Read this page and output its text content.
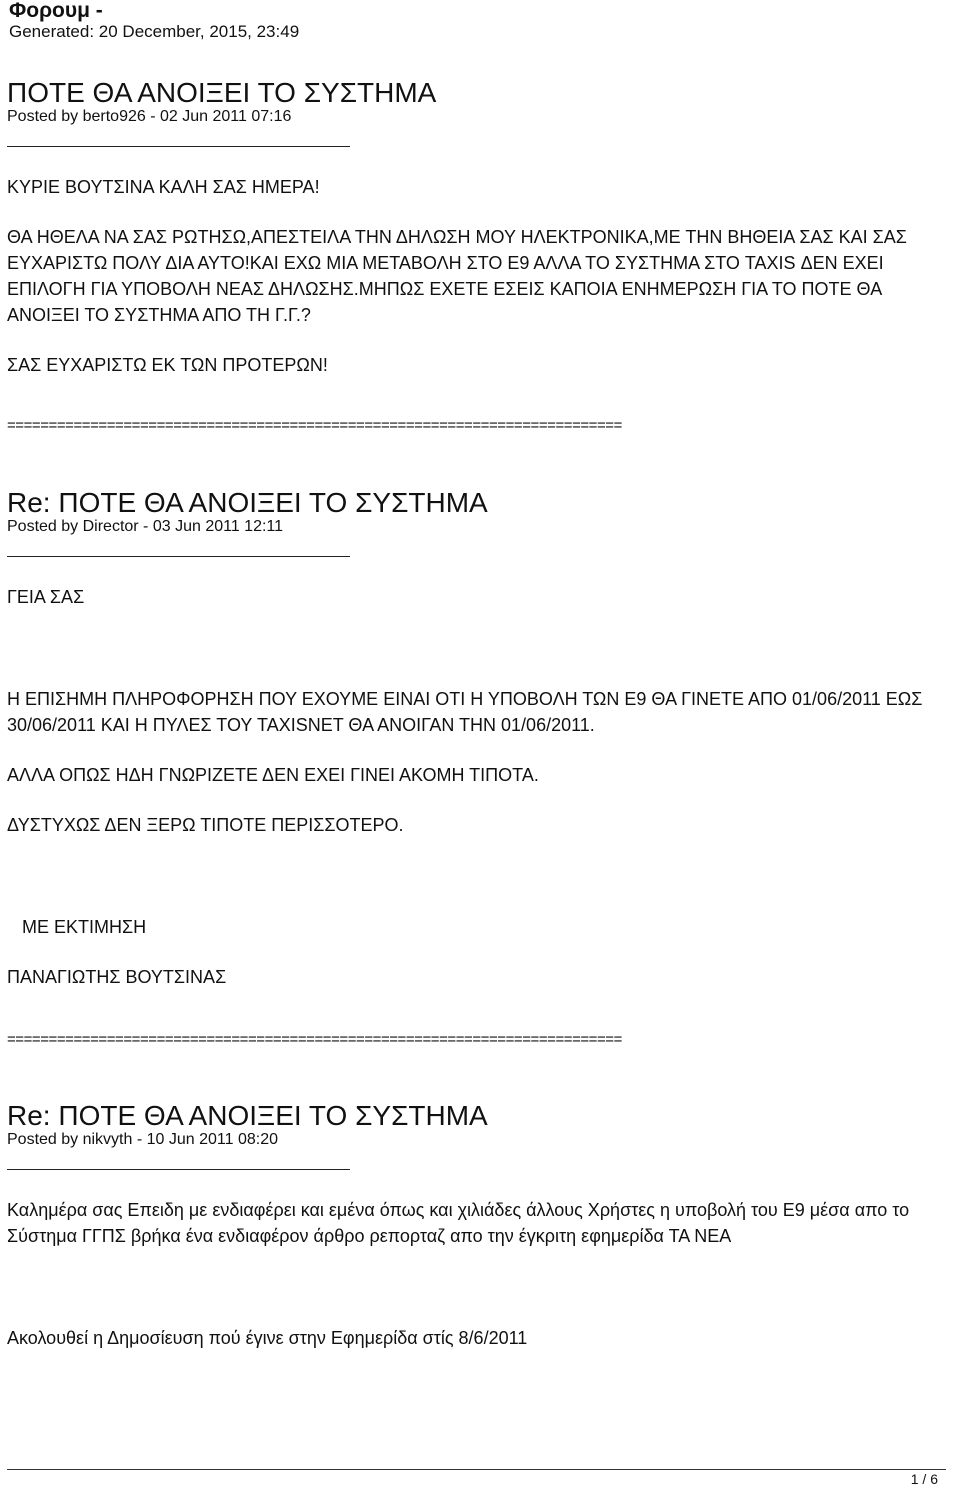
Φορουμ -
Generated: 20 December, 2015, 23:49
ΠΟΤΕ ΘΑ ΑΝΟΙΞΕΙ ΤΟ ΣΥΣΤΗΜΑ
Posted by berto926 - 02 Jun 2011 07:16

ΚΥΡΙΕ ΒΟΥΤΣΙΝΑ ΚΑΛΗ ΣΑΣ ΗΜΕΡΑ!

ΘΑ ΗΘΕΛΑ ΝΑ ΣΑΣ ΡΩΤΗΣΩ,ΑΠΕΣΤΕΙΛΑ ΤΗΝ ΔΗΛΩΣΗ ΜΟΥ ΗΛΕΚΤΡΟΝΙΚΑ,ΜΕ ΤΗΝ ΒΗΘΕΙΑ ΣΑΣ ΚΑΙ ΣΑΣ ΕΥΧΑΡΙΣΤΩ ΠΟΛΥ ΔΙΑ ΑΥΤΟ!ΚΑΙ ΕΧΩ ΜΙΑ ΜΕΤΑΒΟΛΗ ΣΤΟ Ε9 ΑΛΛΑ ΤΟ ΣΥΣΤΗΜΑ ΣΤΟ TAXIS ΔΕΝ ΕΧΕΙ ΕΠΙΛΟΓΗ ΓΙΑ ΥΠΟΒΟΛΗ ΝΕΑΣ ΔΗΛΩΣΗΣ.ΜΗΠΩΣ ΕΧΕΤΕ ΕΣΕΙΣ ΚΑΠΟΙΑ ΕΝΗΜΕΡΩΣΗ ΓΙΑ ΤΟ ΠΟΤΕ ΘΑ ΑΝΟΙΞΕΙ ΤΟ ΣΥΣΤΗΜΑ ΑΠΟ ΤΗ Γ.Γ.?

ΣΑΣ ΕΥΧΑΡΙΣΤΩ ΕΚ ΤΩΝ ΠΡΟΤΕΡΩΝ!

==========================================================================
Re: ΠΟΤΕ ΘΑ ΑΝΟΙΞΕΙ ΤΟ ΣΥΣΤΗΜΑ
Posted by Director - 03 Jun 2011 12:11

ΓΕΙΑ ΣΑΣ

Η ΕΠΙΣΗΜΗ ΠΛΗΡΟΦΟΡΗΣΗ ΠΟΥ ΕΧΟΥΜΕ ΕΙΝΑΙ ΟΤΙ Η ΥΠΟΒΟΛΗ ΤΩΝ Ε9 ΘΑ ΓΙΝΕΤΕ ΑΠΟ 01/06/2011 ΕΩΣ 30/06/2011 ΚΑΙ Η ΠΥΛΕΣ ΤΟΥ TAXISNET ΘΑ ΑΝΟΙΓΑΝ ΤΗΝ 01/06/2011.

ΑΛΛΑ ΟΠΩΣ ΗΔΗ ΓΝΩΡΙΖΕΤΕ ΔΕΝ ΕΧΕΙ ΓΙΝΕΙ ΑΚΟΜΗ ΤΙΠΟΤΑ.

ΔΥΣΤΥΧΩΣ ΔΕΝ ΞΕΡΩ ΤΙΠΟΤΕ ΠΕΡΙΣΣΟΤΕΡΟ.

ΜΕ ΕΚΤΙΜΗΣΗ

ΠΑΝΑΓΙΩΤΗΣ ΒΟΥΤΣΙΝΑΣ

==========================================================================
Re: ΠΟΤΕ ΘΑ ΑΝΟΙΞΕΙ ΤΟ ΣΥΣΤΗΜΑ
Posted by nikvyth - 10 Jun 2011 08:20

Καλημέρα σας Επειδη με ενδιαφέρει και εμένα όπως και χιλιάδες άλλους Χρήστες η υποβολή του Ε9 μέσα απο το Σύστημα ΓΓΠΣ βρήκα ένα ενδιαφέρον άρθρο ρεπορταζ απο την έγκριτη εφημερίδα ΤΑ ΝΕΑ

Ακολουθεί η Δημοσίευση πού έγινε στην Εφημερίδα στίς 8/6/2011

1 / 6
